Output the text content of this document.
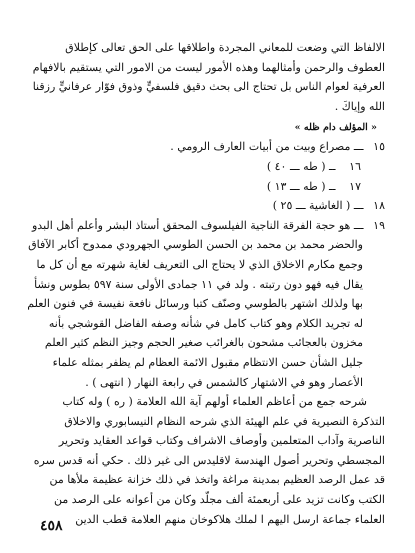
الالفاظ التي وضعت للمعاني المجردة واطلاقها على الحق تعالى كإطلاق
العطوف والرحمن وأمثالهما وهذه الأمور ليست من الامور التي يستقيم بالافهام
العرفية لعوام الناس بل تحتاج الى بحث دقيق فلسفيٍّ وذوق فوّار عرفانيٍّ رزقنا
الله وإياكَ .

« المؤلف دام ظله »
١٥ ـــ مصراع وبيت من أبيات العارف الرومي .
١٦ ــ ( طه ـــ ٤٠ )
١٧ ــ ( طه ـــ ١٣ )
١٨ ـــ ( الغاشية ـــ ٢٥ )
١٩ ـــ هو حجة الفرقة الناجية الفيلسوف المحقق أستاذ البشر وأعلم أهل البدو

والحضر محمد بن محمد بن الحسن الطوسي الجهرودي ممدوح أكابر الآفاق
وجمع مكارم الاخلاق الذي لا يحتاج الى التعريف لغاية شهرته مع أن كل ما
يقال فيه فهو دون رتبته . ولد في ١١ جمادى الأولى سنة ٥٩٧ بطوس ونشأ
بها ولذلك اشتهر بالطوسي وصنّف كتبا ورسائل نافعة نفيسة في فنون العلم
له تجريد الكلام وهو كتاب كامل في شأنه وصفه الفاضل القوشجي بأنه
مخزون بالعجائب مشحون بالغرائب صغير الحجم وجيز النظم كثير العلم
جليل الشأن حسن الانتظام مقبول الائمة العظام لم يظفر بمثله علماء
الأعصار وهو في الاشتهار كالشمس في رابعة النهار ( انتهى ) .

شرحه جمع من أعاظم العلماء أولهم آية الله العلامة ( ره ) وله كتاب
التذكرة النصيرية في علم الهيئة الذي شرحه النظام النيسابوري والاخلاق
الناصرية وآداب المتعلمين وأوصاف الاشراف وكتاب قواعد العقايد وتحرير
المجسطي وتحرير أصول الهندسة لاقليدس الى غير ذلك . حكي أنه قدس سره
قد عمل الرصد العظيم بمدينة مراغة واتخذ في ذلك خزانة عظيمة ملأها من
الكتب وكانت تزيد على أربعمئة ألف مجلّد وكان من أعوانه على الرصد من
العلماء جماعة ارسل اليهم ا لملك هلاكوخان منهم العلامة قطب الدين

٤٥٨
